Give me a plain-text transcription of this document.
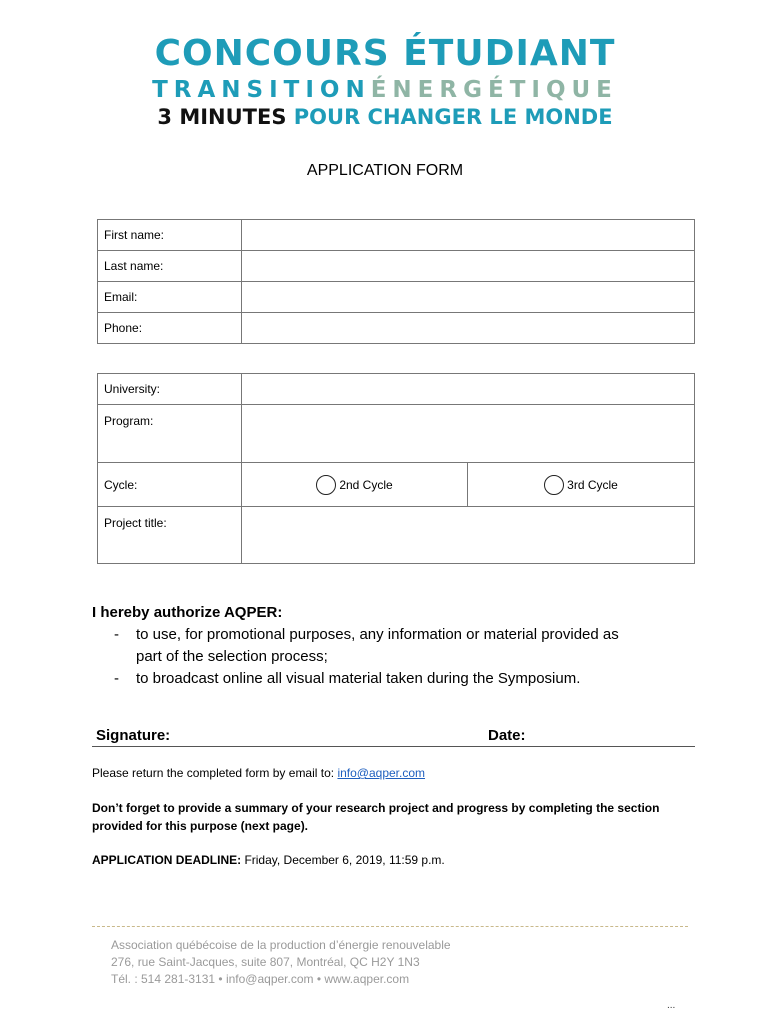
CONCOURS ÉTUDIANT
TRANSITIONÉNERGÉTIQUE
3 MINUTES POUR CHANGER LE MONDE
APPLICATION FORM
First name:	
Last name:	
Email:	
Phone:	
University:		
Program:		
Cycle:	2nd Cycle	3rd Cycle

Project title:		
I hereby authorize AQPER:
- to use, for promotional purposes, any information or material provided as
part of the selection process;
- to broadcast online all visual material taken during the Symposium.
Signature:	Date:
Please return the completed form by email to: info@aqper.com
Don’t forget to provide a summary of your research project and progress by completing the section
provided for this purpose (next page).
APPLICATION DEADLINE: Friday, December 6, 2019, 11:59 p.m.
Association québécoise de la production d’énergie renouvelable
276, rue Saint-Jacques, suite 807, Montréal, QC H2Y 1N3
Tél. : 514 281-3131 • info@aqper.com • www.aqper.com
...
